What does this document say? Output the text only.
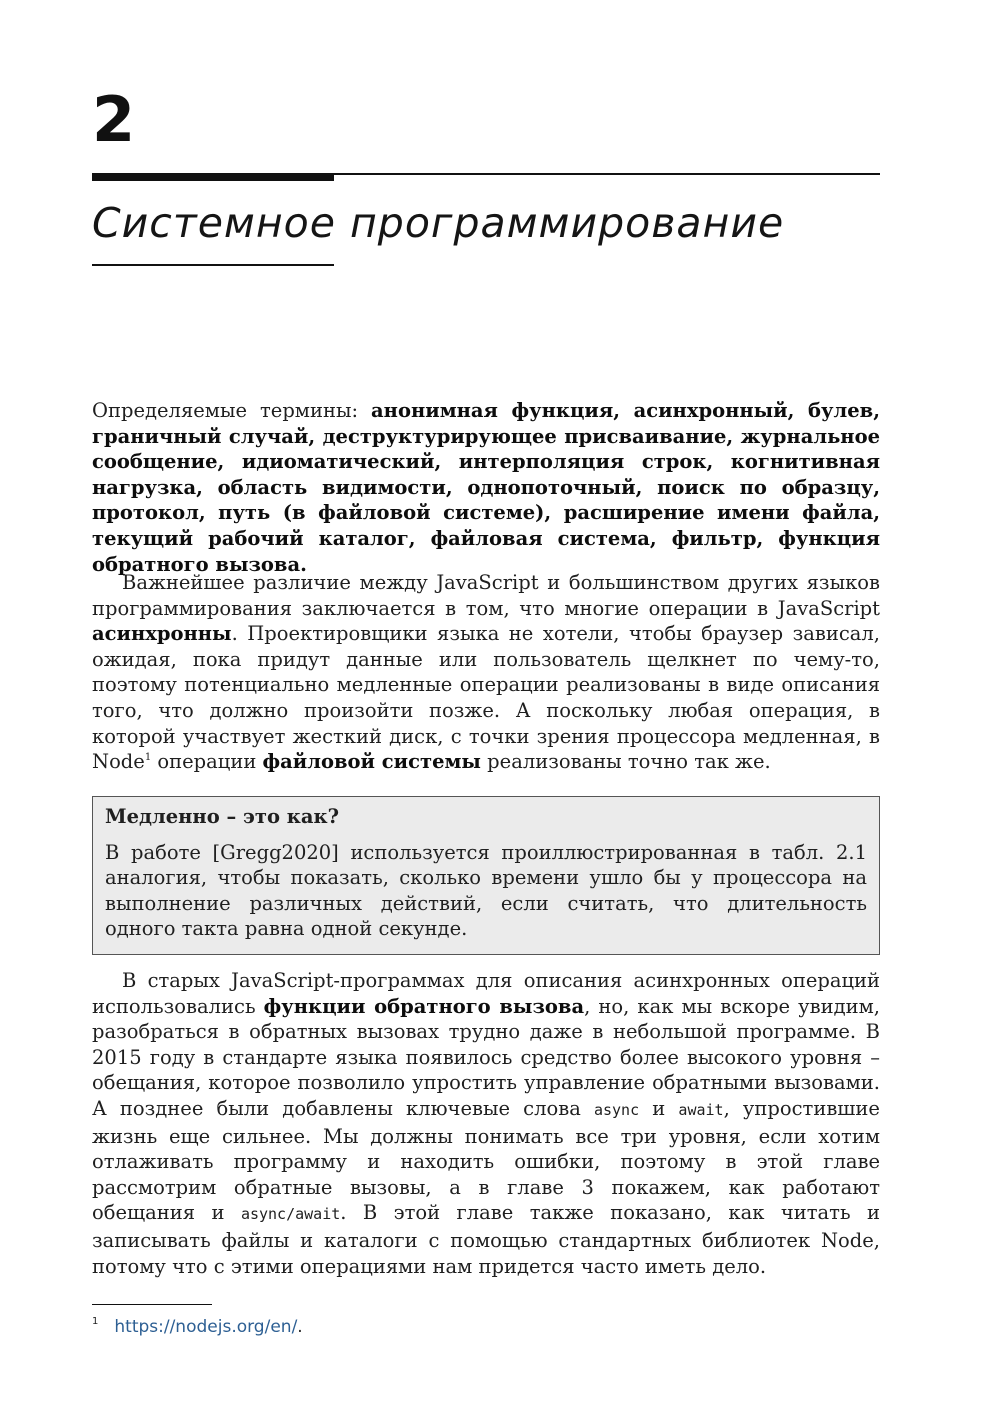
2
Системное программирование

Определяемые термины: анонимная функция, асинхронный, булев, граничный случай, деструктурирующее присваивание, журнальное сообщение, идиоматический, интерполяция строк, когнитивная нагрузка, область видимости, однопоточный, поиск по образцу, протокол, путь (в файловой системе), расширение имени файла, текущий рабочий каталог, файловая система, фильтр, функция обратного вызова.

Важнейшее различие между JavaScript и большинством других языков программирования заключается в том, что многие операции в JavaScript асинхронны. Проектировщики языка не хотели, чтобы браузер зависал, ожидая, пока придут данные или пользователь щелкнет по чему-то, поэтому потенциально медленные операции реализованы в виде описания того, что должно произойти позже. А поскольку любая операция, в которой участвует жесткий диск, с точки зрения процессора медленная, в Node$^1$ операции файловой системы реализованы точно так же.

Медленно – это как?
В работе [Gregg2020] используется проиллюстрированная в табл. 2.1 аналогия, чтобы показать, сколько времени ушло бы у процессора на выполнение различных действий, если считать, что длительность одного такта равна одной секунде.

В старых JavaScript-программах для описания асинхронных операций использовались функции обратного вызова, но, как мы вскоре увидим, разобраться в обратных вызовах трудно даже в небольшой программе. В 2015 году в стандарте языка появилось средство более высокого уровня – обещания, которое позволило упростить управление обратными вызовами. А позднее были добавлены ключевые слова async и await, упростившие жизнь еще сильнее. Мы должны понимать все три уровня, если хотим отлаживать программу и находить ошибки, поэтому в этой главе рассмотрим обратные вызовы, а в главе 3 покажем, как работают обещания и async/await. В этой главе также показано, как читать и записывать файлы и каталоги с помощью стандартных библиотек Node, потому что с этими операциями нам придется часто иметь дело.

$^1$ https://nodejs.org/en/.
